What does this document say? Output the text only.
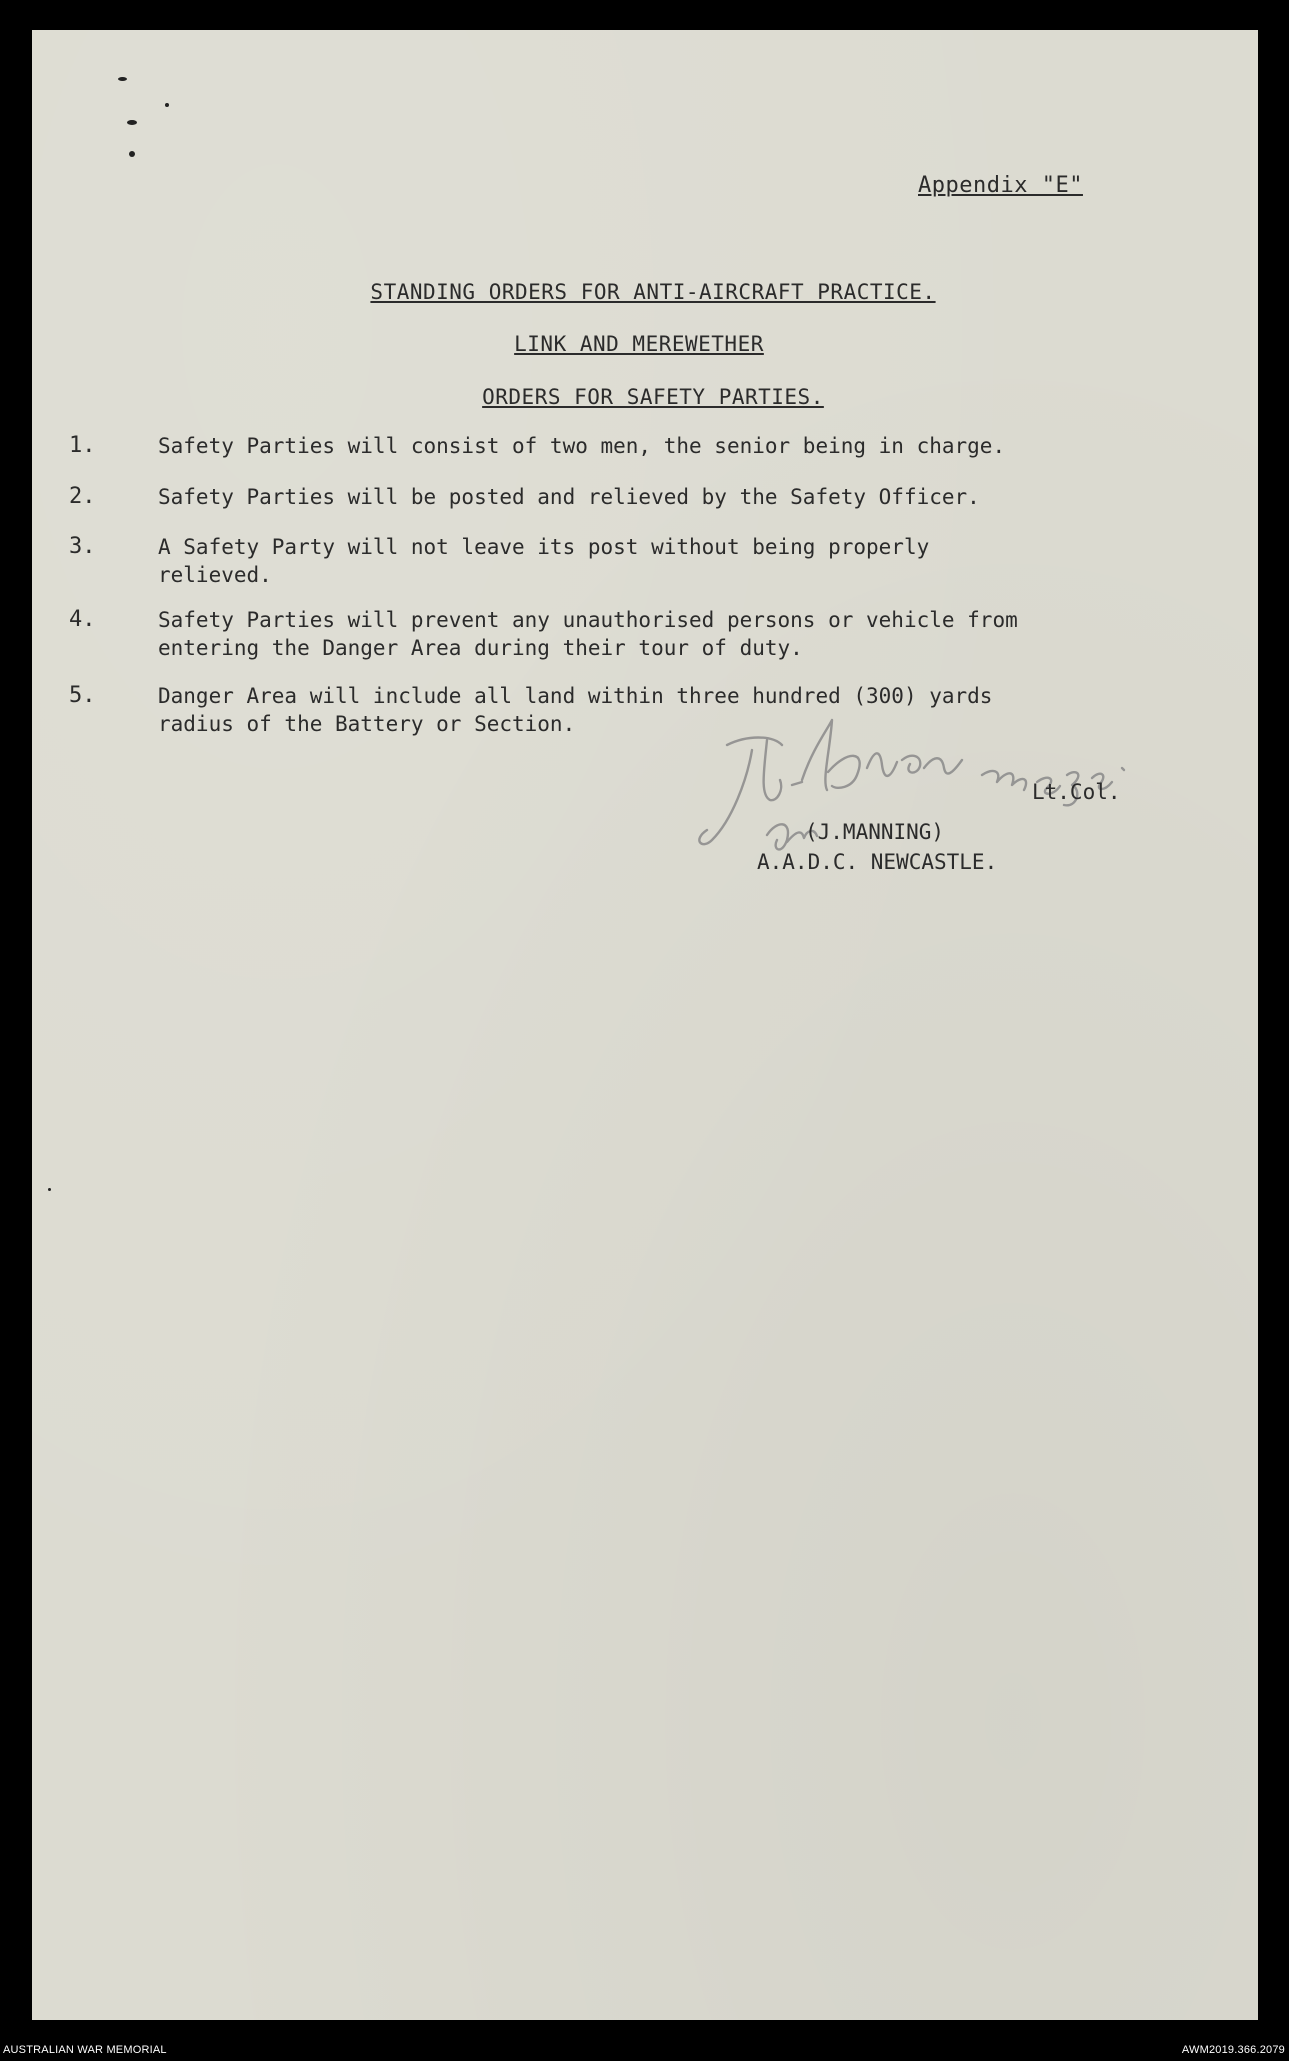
Appendix "E"
STANDING ORDERS FOR ANTI-AIRCRAFT PRACTICE.
LINK AND MEREWETHER
ORDERS FOR SAFETY PARTIES.
1.	Safety Parties will consist of two men, the senior being in charge.
2.	Safety Parties will be posted and relieved by the Safety Officer.
3.	A Safety Party will not leave its post without being properly
relieved.
4.	Safety Parties will prevent any unauthorised persons or vehicle from
entering the Danger Area during their tour of duty.
5.	Danger Area will include all land within three hundred (300) yards
radius of the Battery or Section.
Lt.Col.
(J.MANNING)
A.A.D.C. NEWCASTLE.
AUSTRALIAN WAR MEMORIAL	AWM2019.366.2079
